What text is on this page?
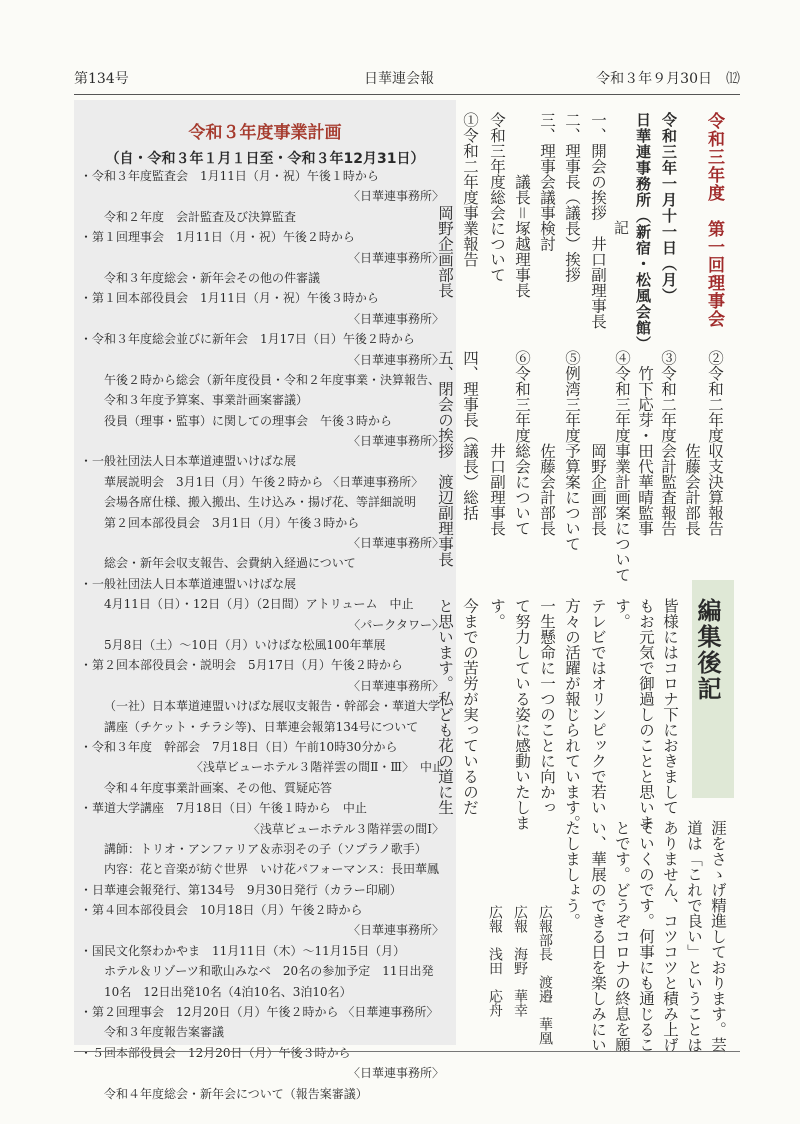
第134号	日華連会報	令和３年９月30日　 ⑿
令和３年度事業計画
（自・令和３年１月１日至・令和３年12月31日）
・令和３年度監査会　1月11日（月・祝）午後１時から
〈日華連事務所〉
令和２年度　会計監査及び決算監査
・第１回理事会　1月11日（月・祝）午後２時から
〈日華連事務所〉
令和３年度総会・新年会その他の件審議
・第１回本部役員会　1月11日（月・祝）午後３時から
〈日華連事務所〉
・令和３年度総会並びに新年会　1月17日（日）午後２時から
〈日華連事務所〉
午後２時から総会（新年度役員・令和２年度事業・決算報告、
令和３年度予算案、事業計画案審議）
役員（理事・監事）に関しての理事会　午後３時から
〈日華連事務所〉
・一般社団法人日本華道連盟いけばな展
華展説明会　3月1日（月）午後２時から 〈日華連事務所〉
会場各席仕様、搬入搬出、生け込み・揚げ花、等詳細説明
第２回本部役員会　3月1日（月）午後３時から
〈日華連事務所〉
総会・新年会収支報告、会費納入経過について
・一般社団法人日本華道連盟いけばな展
4月11日（日）・12日（月）（2日間）アトリューム　中止
〈パークタワー〉
5月8日（土）～10日（月）いけばな松風100年華展
・第２回本部役員会・説明会　5月17日（月）午後２時から
〈日華連事務所〉
（一社）日本華道連盟いけばな展収支報告・幹部会・華道大学
講座（チケット・チラシ等)、日華連会報第134号について
・令和３年度　幹部会　7月18日（日）午前10時30分から
〈浅草ビューホテル３階祥雲の間Ⅱ・Ⅲ〉　中止
令和４年度事業計画案、その他、質疑応答
・華道大学講座　7月18日（日）午後１時から　中止
〈浅草ビューホテル３階祥雲の間Ⅰ〉
講師：トリオ・アンファリア＆赤羽その子（ソプラノ歌手）
内容：花と音楽が紡ぐ世界　いけ花パフォーマンス：長田華鳳
・日華連会報発行、第134号　9月30日発行（カラー印刷）
・第４回本部役員会　10月18日（月）午後２時から
〈日華連事務所〉
・国民文化祭わかやま　11月11日（木）～11月15日（月）
ホテル＆リゾーツ和歌山みなべ　20名の参加予定　11日出発
10名　12日出発10名（4泊10名、3泊10名）
・第２回理事会　12月20日（月）午後２時から 〈日華連事務所〉
令和３年度報告案審議
・５回本部役員会　12月20日（月）午後３時から
〈日華連事務所〉
令和４年度総会・新年会について（報告案審議）
令和三年度　第一回理事会
令和三年一月十一日（月）
日華連事務所（新宿・松風会館）
記
一、開会の挨拶　井口副理事長
二、理事長（議長）挨拶
三、理事会議事検討
　　　　議長＝塚越理事長
令和三年度総会について
①令和二年度事業報告
　　　　　　岡野企画部長
②令和二年度収支決算報告
　　　　　　佐藤会計部長
③令和二年度会計監査報告
　竹下応芽・田代華晴監事
④令和三年度事業計画案について
　　　　　　岡野企画部長
⑤例湾三年度予算案について
　　　　　　佐藤会計部長
⑥令和三年度総会について
　　　　　　井口副理事長
四、理事長（議長）総括
五、閉会の挨拶　渡辺副理事長
編集後記
皆様にはコロナ下におきまして
もお元気で御過しのことと思いま
す。
テレビではオリンピックで若い
方々の活躍が報じられています。
一生懸命に一つのことに向かっ
て努力している姿に感動いたしま
す。
今までの苦労が実っているのだ
と思います。私ども花の道に生
涯をさゝげ精進しております。芸
道は「これで良い」ということは
ありません、コツコツと積み上げ
ていくのです。何事にも通じるこ
とです。どうぞコロナの終息を願
い、華展のできる日を楽しみにい
たしましょう。
広報部長　渡邉　華凰
広報　海野　華幸
広報　浅田　応舟
